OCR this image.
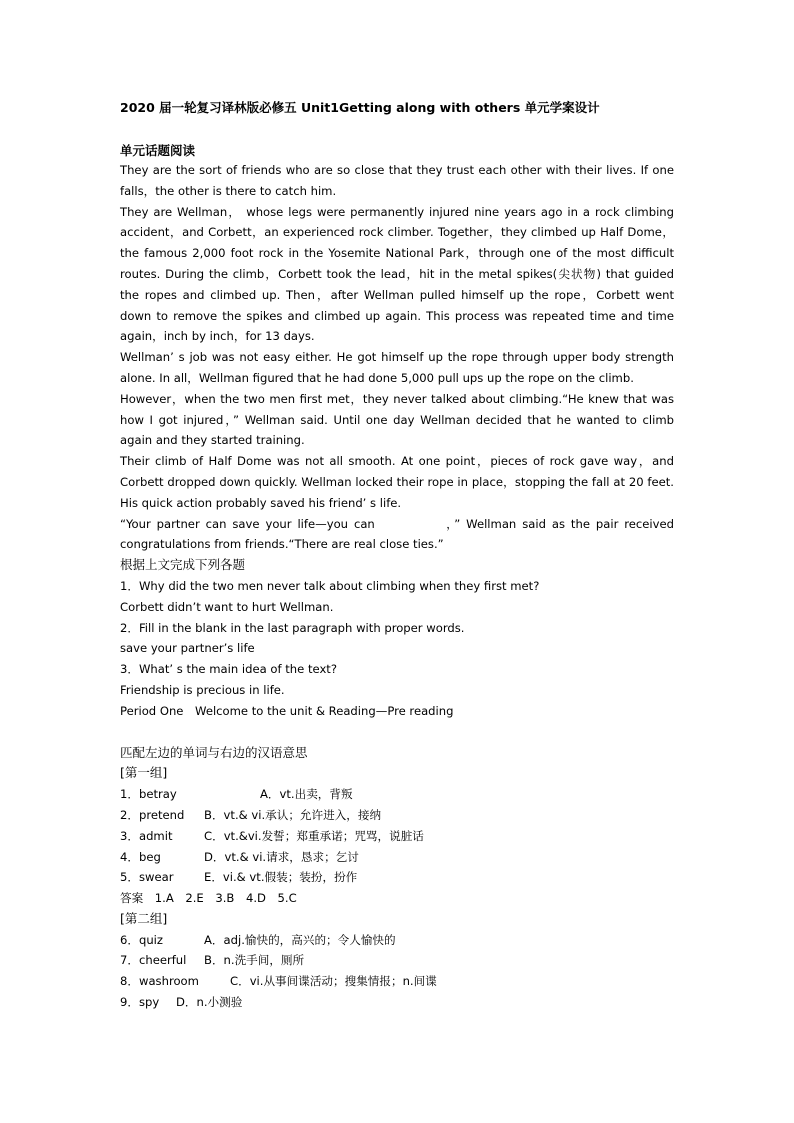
2020 届一轮复习译林版必修五 Unit1Getting along with others 单元学案设计
单元话题阅读

They are the sort of friends who are so close that they trust each other with their lives. If one falls，the other is there to catch him.

They are Wellman， whose legs were permanently injured nine years ago in a rock climbing accident，and Corbett，an experienced rock climber. Together，they climbed up Half Dome，the famous 2,000 foot rock in the Yosemite National Park，through one of the most difficult routes. During the climb，Corbett took the lead，hit in the metal spikes(尖状物) that guided the ropes and climbed up. Then，after Wellman pulled himself up the rope，Corbett went down to remove the spikes and climbed up again. This process was repeated time and time again，inch by inch，for 13 days.

Wellman’ s job was not easy either. He got himself up the rope through upper body strength alone. In all，Wellman figured that he had done 5,000 pull ups up the rope on the climb.

However，when the two men first met，they never talked about climbing.“He knew that was how I got injured，” Wellman said. Until one day Wellman decided that he wanted to climb again and they started training.

Their climb of Half Dome was not all smooth. At one point，pieces of rock gave way，and Corbett dropped down quickly. Wellman locked their rope in place，stopping the fall at 20 feet. His quick action probably saved his friend’ s life.

“Your partner can save your life—you can　　　　　，” Wellman said as the pair received congratulations from friends.“There are real close ties.”

根据上文完成下列各题

1．Why did the two men never talk about climbing when they first met?

Corbett didn’t want to hurt Wellman.

2．Fill in the blank in the last paragraph with proper words.

save your partner’s life

3．What’ s the main idea of the text?

Friendship is precious in life.

Period One　Welcome to the unit & Reading—Pre reading

匹配左边的单词与右边的汉语意思

[第一组]

1．betray	A．vt.出卖，背叛

2．pretend B．vt.& vi.承认；允许进入，接纳

3．admit	C．vt.&vi.发誓；郑重承诺；咒骂，说脏话

4．beg	D．vt.& vi.请求，恳求；乞讨

5．swear	E．vi.& vt.假装；装扮，扮作

答案　1.A　2.E　3.B　4.D　5.C

[第二组]

6．quiz	A．adj.愉快的，高兴的；令人愉快的

7．cheerful B．n.洗手间，厕所

8．washroom	C．vi.从事间谍活动；搜集情报；n.间谍

9．spy D．n.小测验
